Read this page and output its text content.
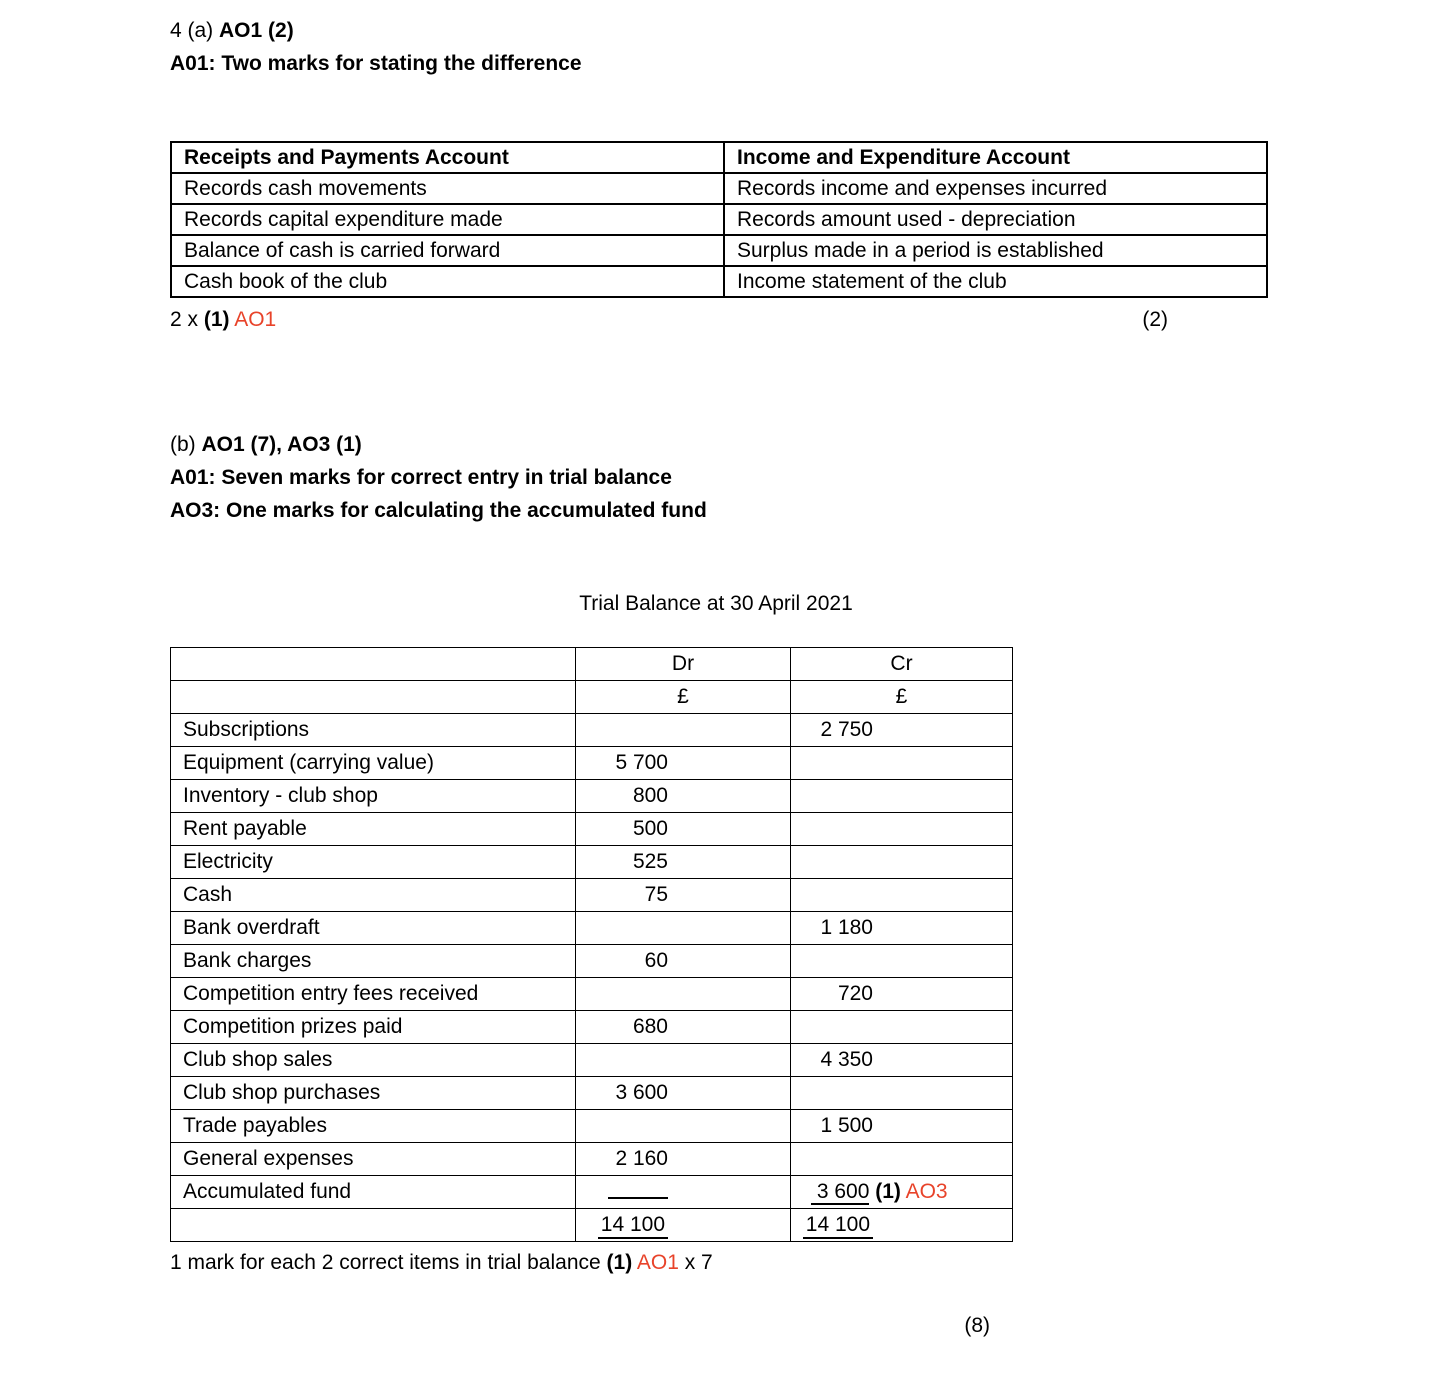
4 (a) AO1 (2)
A01: Two marks for stating the difference
Receipts and Payments Account	Income and Expenditure Account
Records cash movements	Records income and expenses incurred
Records capital expenditure made	Records amount used - depreciation
Balance of cash is carried forward	Surplus made in a period is established
Cash book of the club	Income statement of the club
2 x (1) AO1	(2)
(b) AO1 (7), AO3 (1)
A01: Seven marks for correct entry in trial balance
AO3: One marks for calculating the accumulated fund
Trial Balance at 30 April 2021
	Dr	Cr
	£	£
Subscriptions		2 750
Equipment (carrying value)	5 700	
Inventory - club shop	800	
Rent payable	500	
Electricity	525	
Cash	75	
Bank overdraft		1 180
Bank charges	60	
Competition entry fees received		720
Competition prizes paid	680	
Club shop sales		4 350
Club shop purchases	3 600	
Trade payables		1 500
General expenses	2 160	
Accumulated fund		3 600 (1) AO3
	14 100	14 100
1 mark for each 2 correct items in trial balance (1) AO1 x 7
(8)
